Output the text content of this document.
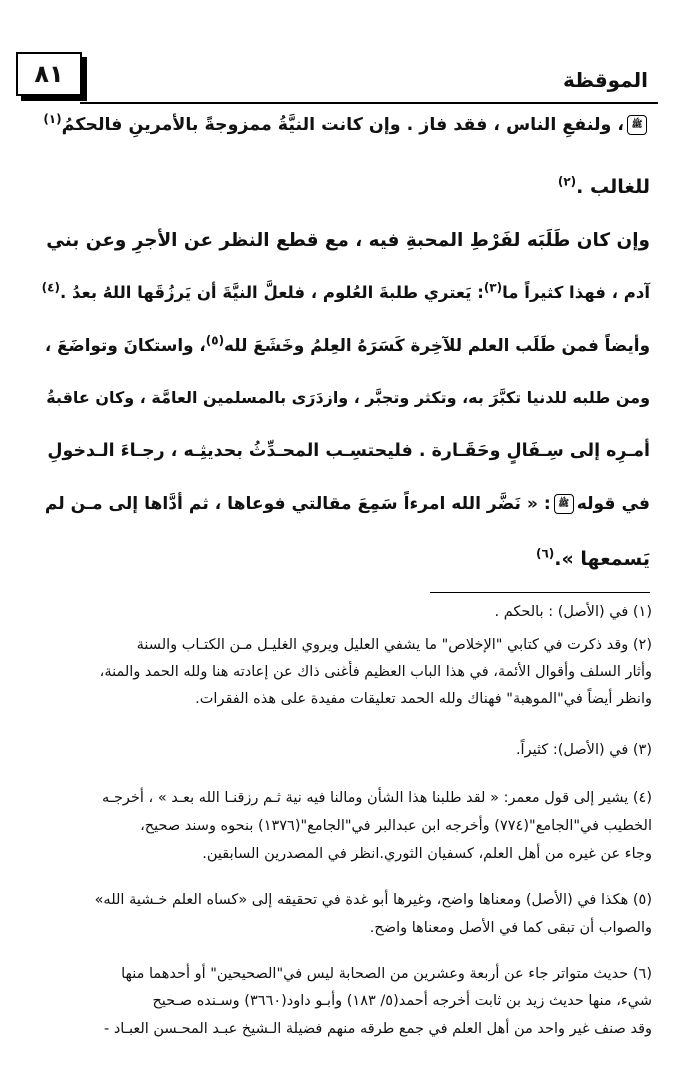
٨١	الموقظة
ﷺ، ولنفعِ الناس ، فقد فاز . وإن كانت النيَّةُ ممزوجةً بالأمرينِ فالحكمُ$^{(١)}$
للغالب .$^{(٢)}$
وإن كان طَلَبَه لفَرْطِ المحبةِ فيه ، مع قطع النظر عن الأجرِ وعن بني
آدم ، فهذا كثيراً ما$^{(٣)}$: يَعتري طلبةَ العُلوم ، فلعلَّ النيَّةَ أن يَرزُقَها اللهُ بعدُ .$^{(٤)}$
وأيضاً فمن طَلَب العلم للآخِرة كَسَرَهُ العِلمُ وخَشَعَ لله$^{(٥)}$، واستكانَ وتواضَعَ ،
ومن طلبه للدنيا تكبَّرَ به، وتكثر وتجبَّر ، وازدَرَى بالمسلمين العامَّة ، وكان عاقبةُ
أمـرِه إلى سِـفَالٍ وحَقَـارة . فليحتسِـب المحـدِّثُ بحديثِـه ، رجـاءَ الـدخولِ
في قولهﷺ: « نَضَّر الله امرءاً سَمِعَ مقالتي فوعاها ، ثم أدَّاها إلى مـن لم
يَسمعها ».$^{(٦)}$
(١) في (الأصل) : بالحكم .
(٢) وقد ذكرت في كتابي "الإخلاص" ما يشفي العليل ويروي الغليـل مـن الكتـاب والسنة
وأثار السلف وأقوال الأئمة، في هذا الباب العظيم فأغنى ذاك عن إعادته هنا ولله الحمد والمنة،
وانظر أيضاً في"الموهبة" فهناك ولله الحمد تعليقات مفيدة على هذه الفقرات.
(٣) في (الأصل): كثيراً.
(٤) يشير إلى قول معمر: « لقد طلبنا هذا الشأن ومالنا فيه نية ثـم رزقنـا الله بعـد » ، أخرجـه
الخطيب في"الجامع"(٧٧٤) وأخرجه ابن عبدالبر في"الجامع"(١٣٧٦) بنحوه وسند صحيح،
وجاء عن غيره من أهل العلم، كسفيان الثوري.انظر في المصدرين السابقين.
(٥) هكذا في (الأصل) ومعناها واضح، وغيرها أبو غدة في تحقيقه إلى «كساه العلم خـشية الله»
والصواب أن تبقى كما في الأصل ومعناها واضح.
(٦) حديث متواتر جاء عن أربعة وعشرين من الصحابة ليس في"الصحيحين" أو أحدهما منها
شيء، منها حديث زيد بن ثابت أخرجه أحمد(٥/ ١٨٣) وأبـو داود(٣٦٦٠) وسـنده صـحيح
وقد صنف غير واحد من أهل العلم في جمع طرقه منهم فضيلة الـشيخ عبـد المحـسن العبـاد -
